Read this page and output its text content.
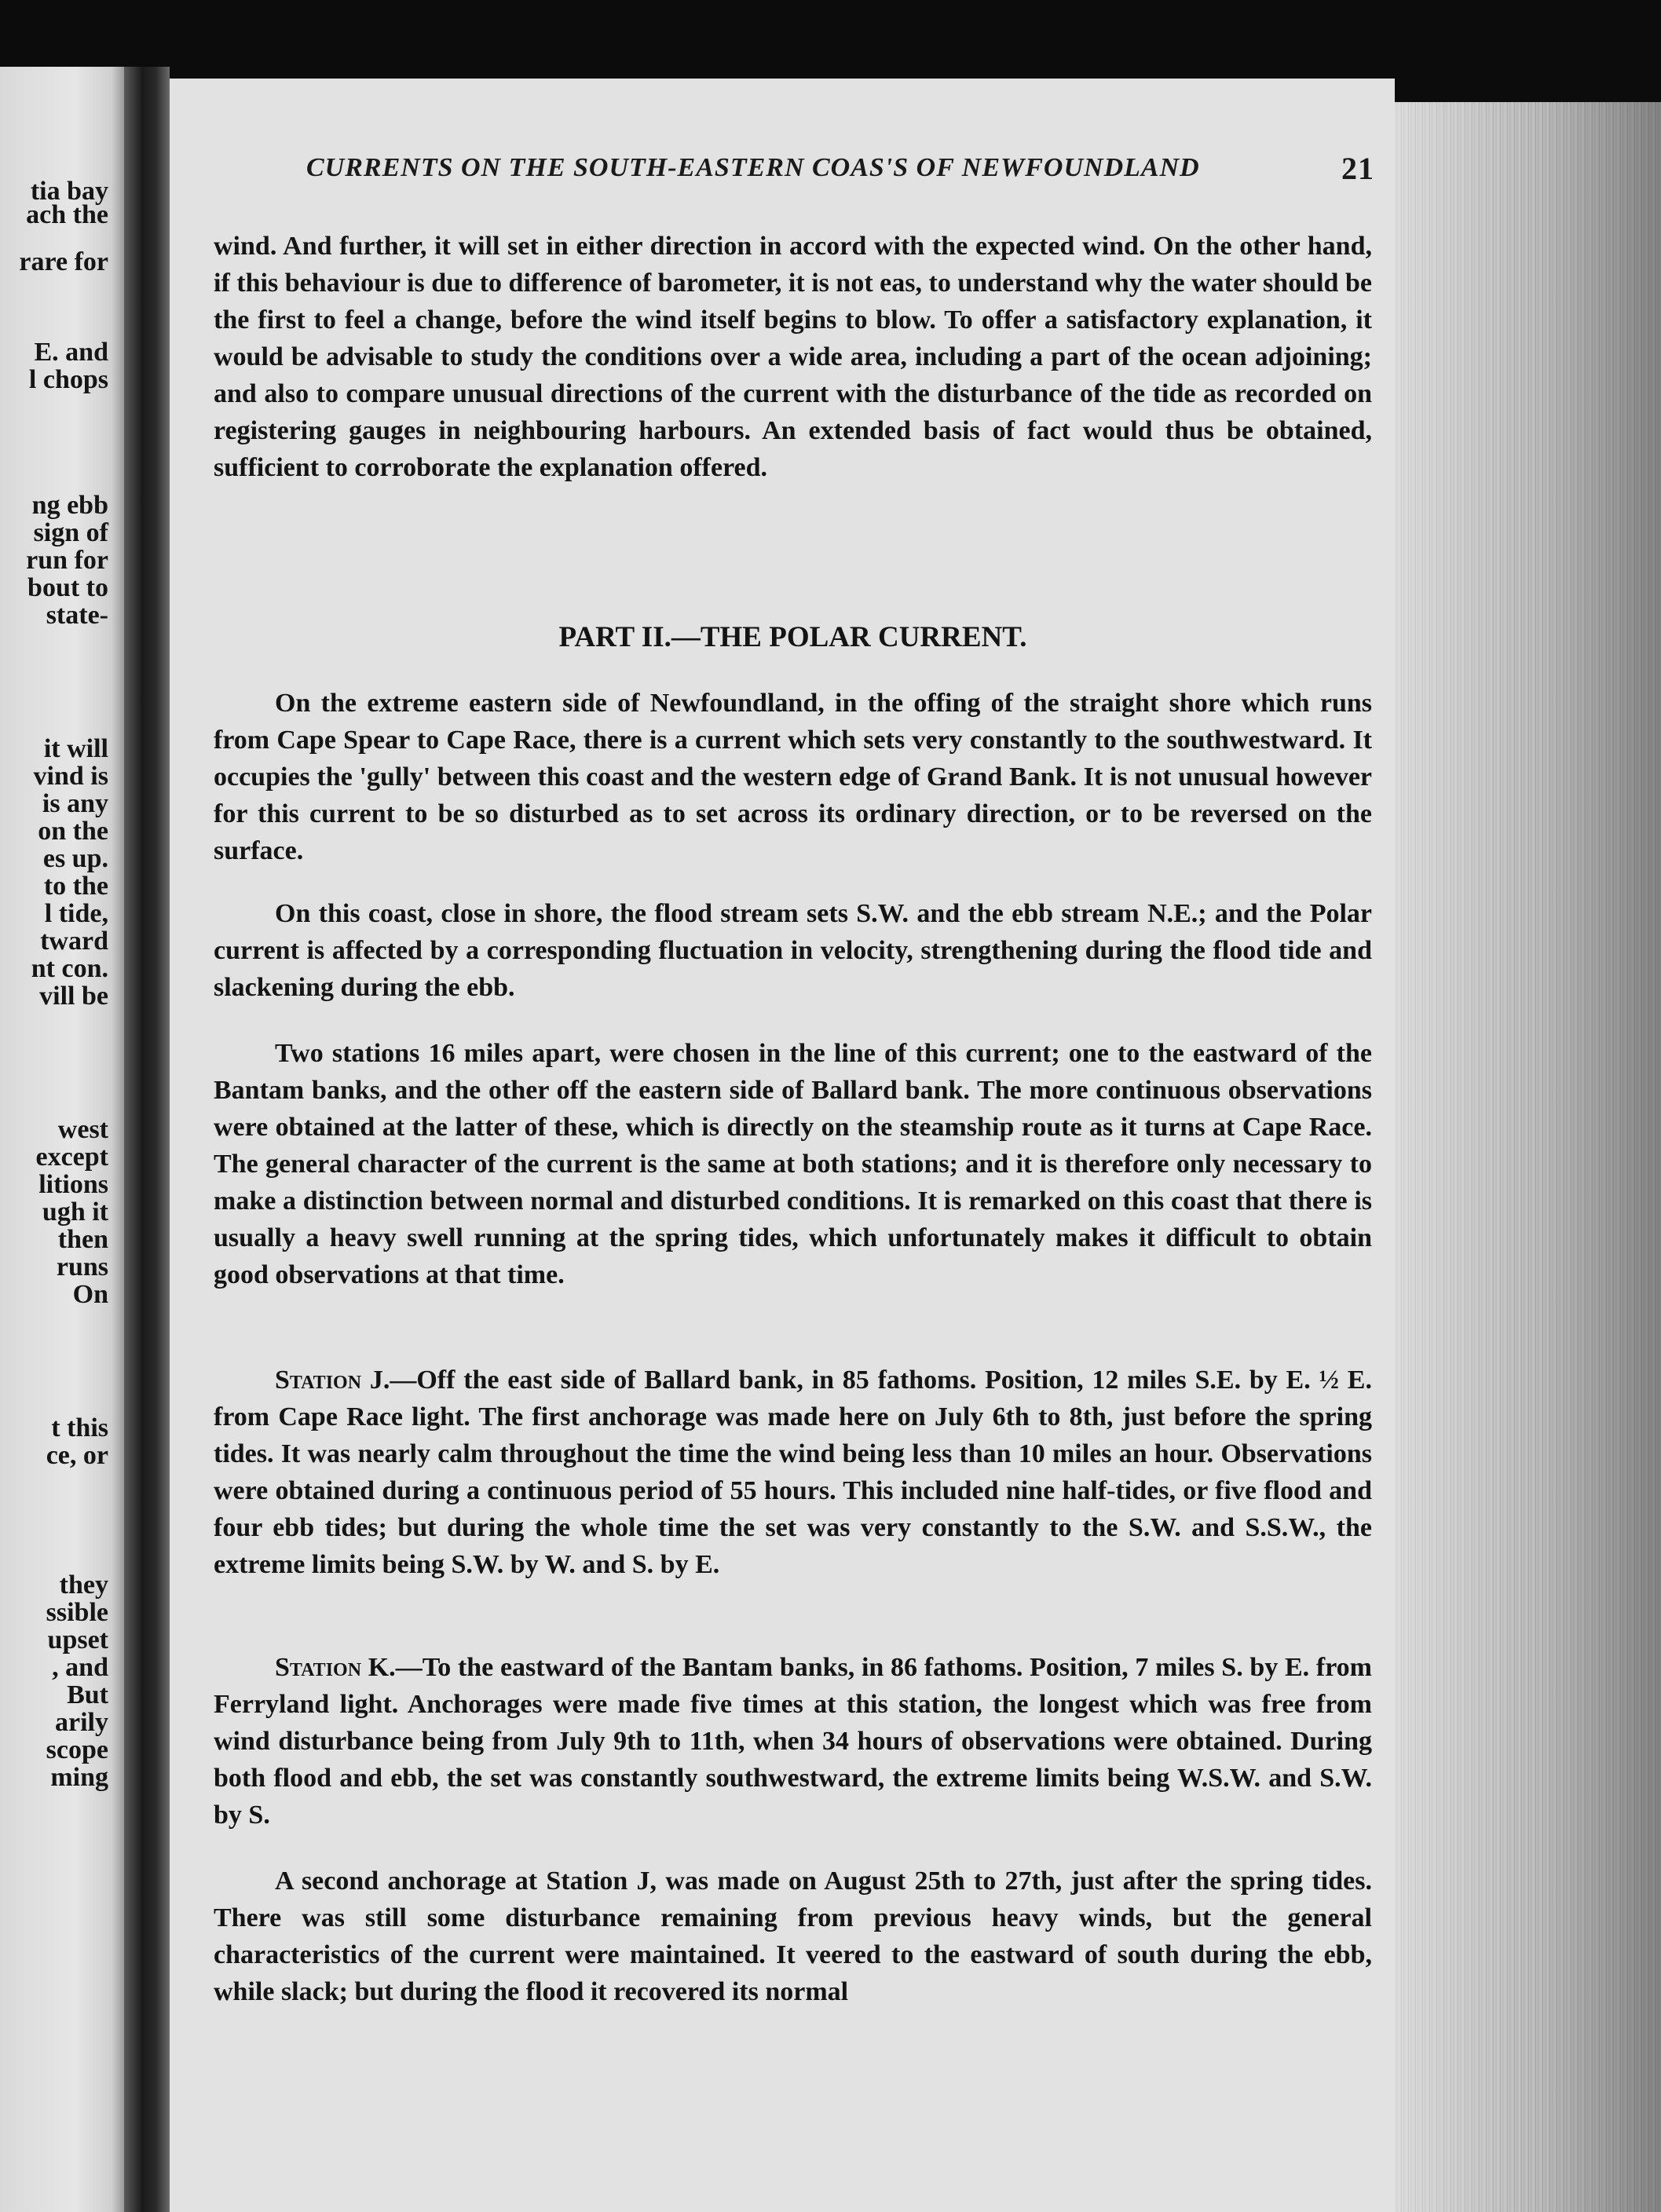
tia bay
ach the
rare for
E. and
l chops
ng ebb
sign of
run for
bout to
state-
it will
vind is
is any
on the
es up.
to the
l tide,
tward
nt con.
vill be
west
except
litions
ugh it
then
runs
On
t this
ce, or
they
ssible
upset
, and
But
arily
scope
ming
CURRENTS ON THE SOUTH-EASTERN COAS'S OF NEWFOUNDLAND	21

wind. And further, it will set in either direction in accord with the expected wind. On the other hand, if this behaviour is due to difference of barometer, it is not eas, to understand why the water should be the first to feel a change, before the wind itself begins to blow. To offer a satisfactory explanation, it would be advisable to study the conditions over a wide area, including a part of the ocean adjoining; and also to compare unusual directions of the current with the disturbance of the tide as recorded on registering gauges in neighbouring harbours. An extended basis of fact would thus be obtained, sufficient to corroborate the explanation offered.

PART II.—THE POLAR CURRENT.

On the extreme eastern side of Newfoundland, in the offing of the straight shore which runs from Cape Spear to Cape Race, there is a current which sets very constantly to the southwestward. It occupies the 'gully' between this coast and the western edge of Grand Bank. It is not unusual however for this current to be so disturbed as to set across its ordinary direction, or to be reversed on the surface.

On this coast, close in shore, the flood stream sets S.W. and the ebb stream N.E.; and the Polar current is affected by a corresponding fluctuation in velocity, strengthening during the flood tide and slackening during the ebb.

Two stations 16 miles apart, were chosen in the line of this current; one to the eastward of the Bantam banks, and the other off the eastern side of Ballard bank. The more continuous observations were obtained at the latter of these, which is directly on the steamship route as it turns at Cape Race. The general character of the current is the same at both stations; and it is therefore only necessary to make a distinction between normal and disturbed conditions. It is remarked on this coast that there is usually a heavy swell running at the spring tides, which unfortunately makes it difficult to obtain good observations at that time.

Station J.—Off the east side of Ballard bank, in 85 fathoms. Position, 12 miles S.E. by E. ½ E. from Cape Race light. The first anchorage was made here on July 6th to 8th, just before the spring tides. It was nearly calm throughout the time the wind being less than 10 miles an hour. Observations were obtained during a continuous period of 55 hours. This included nine half-tides, or five flood and four ebb tides; but during the whole time the set was very constantly to the S.W. and S.S.W., the extreme limits being S.W. by W. and S. by E.

Station K.—To the eastward of the Bantam banks, in 86 fathoms. Position, 7 miles S. by E. from Ferryland light. Anchorages were made five times at this station, the longest which was free from wind disturbance being from July 9th to 11th, when 34 hours of observations were obtained. During both flood and ebb, the set was constantly southwestward, the extreme limits being W.S.W. and S.W. by S.

A second anchorage at Station J, was made on August 25th to 27th, just after the spring tides. There was still some disturbance remaining from previous heavy winds, but the general characteristics of the current were maintained. It veered to the eastward of south during the ebb, while slack; but during the flood it recovered its normal
